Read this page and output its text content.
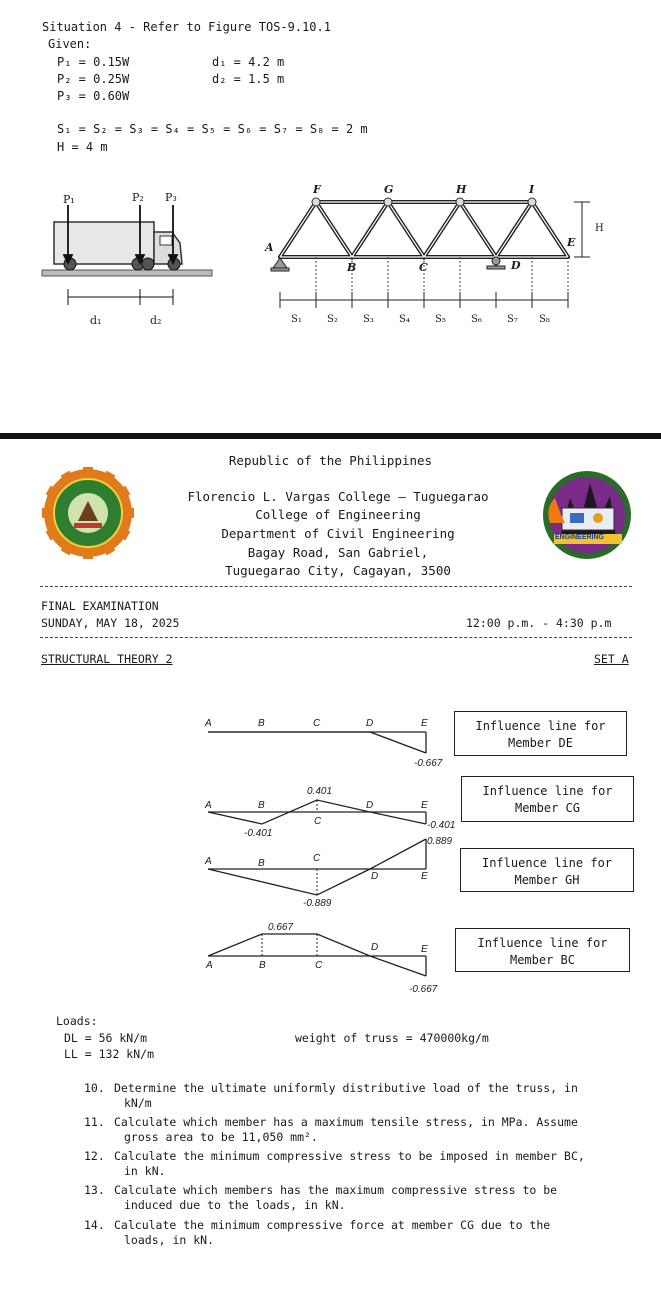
Situation 4 - Refer to Figure TOS-9.10.1
Given:
P₁ = 0.15W
P₂ = 0.25W
P₃ = 0.60W
d₁ = 4.2 m
d₂ = 1.5 m
S₁ = S₂ = S₃ = S₄ = S₅ = S₆ = S₇ = S₈ = 2 m
H = 4 m
P₁	P₂ P₃
d₁	d₂
F	G	H	I
A
B	C	D
E
H
S₁	S₂	S₃	S₄	S₅	S₆	S₇ S₈
ENGINEERING
Republic of the Philippines
Florencio L. Vargas College – Tuguegarao
College of Engineering
Department of Civil Engineering
Bagay Road, San Gabriel,
Tuguegarao City, Cagayan, 3500
FINAL EXAMINATION
SUNDAY, MAY 18, 2025	12:00 p.m. - 4:30 p.m
STRUCTURAL THEORY 2	SET A
A	B	C	D	E
-0.667
A	B
C
D	E
0.401
-0.401
-0.401
A	B	C
D	E
0.889
-0.889
A	B	C
D	E
0.667
-0.667
Influence line for
Member DE
Influence line for
Member CG
Influence line for
Member GH
Influence line for
Member BC
Loads:
DL = 56 kN/m
LL = 132 kN/m
weight of truss = 470000kg/m
10. Determine the ultimate uniformly distributive load of the truss, in
kN/m
11. Calculate which member has a maximum tensile stress, in MPa. Assume
gross area to be 11,050 mm².
12. Calculate the minimum compressive stress to be imposed in member BC,
in kN.
13. Calculate which members has the maximum compressive stress to be
induced due to the loads, in kN.
14. Calculate the minimum compressive force at member CG due to the
loads, in kN.
